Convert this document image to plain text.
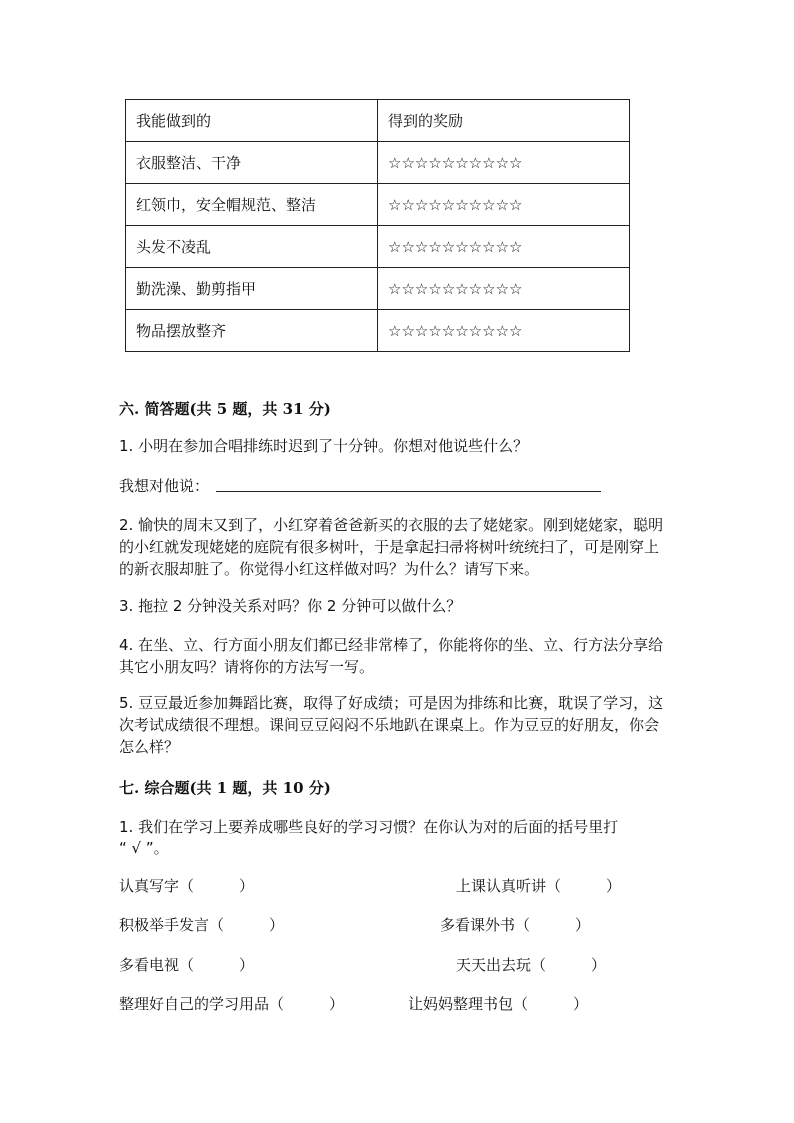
我能做到的	得到的奖励
衣服整洁、干净	☆☆☆☆☆☆☆☆☆☆
红领巾，安全帽规范、整洁	☆☆☆☆☆☆☆☆☆☆
头发不凌乱	☆☆☆☆☆☆☆☆☆☆
勤洗澡、勤剪指甲	☆☆☆☆☆☆☆☆☆☆
物品摆放整齐	☆☆☆☆☆☆☆☆☆☆
六. 简答题(共 5 题，共 31 分)
1. 小明在参加合唱排练时迟到了十分钟。你想对他说些什么？
我想对他说：
2. 愉快的周末又到了，小红穿着爸爸新买的衣服的去了姥姥家。刚到姥姥家，聪明的小红就发现姥姥的庭院有很多树叶，于是拿起扫帚将树叶统统扫了，可是刚穿上的新衣服却脏了。你觉得小红这样做对吗？为什么？请写下来。
3. 拖拉 2 分钟没关系对吗？你 2 分钟可以做什么？
4. 在坐、立、行方面小朋友们都已经非常棒了，你能将你的坐、立、行方法分享给其它小朋友吗？请将你的方法写一写。
5. 豆豆最近参加舞蹈比赛，取得了好成绩；可是因为排练和比赛，耽误了学习，这次考试成绩很不理想。课间豆豆闷闷不乐地趴在课桌上。作为豆豆的好朋友，你会怎么样？
七. 综合题(共 1 题，共 10 分)
1. 我们在学习上要养成哪些良好的学习习惯？在你认为对的后面的括号里打
“ √ ”。
认真写字（　　　）	上课认真听讲（　　　）
积极举手发言（　　　）	多看课外书（　　　）
多看电视（　　　）	天天出去玩（　　　）
整理好自己的学习用品（　　　）	让妈妈整理书包（　　　）
